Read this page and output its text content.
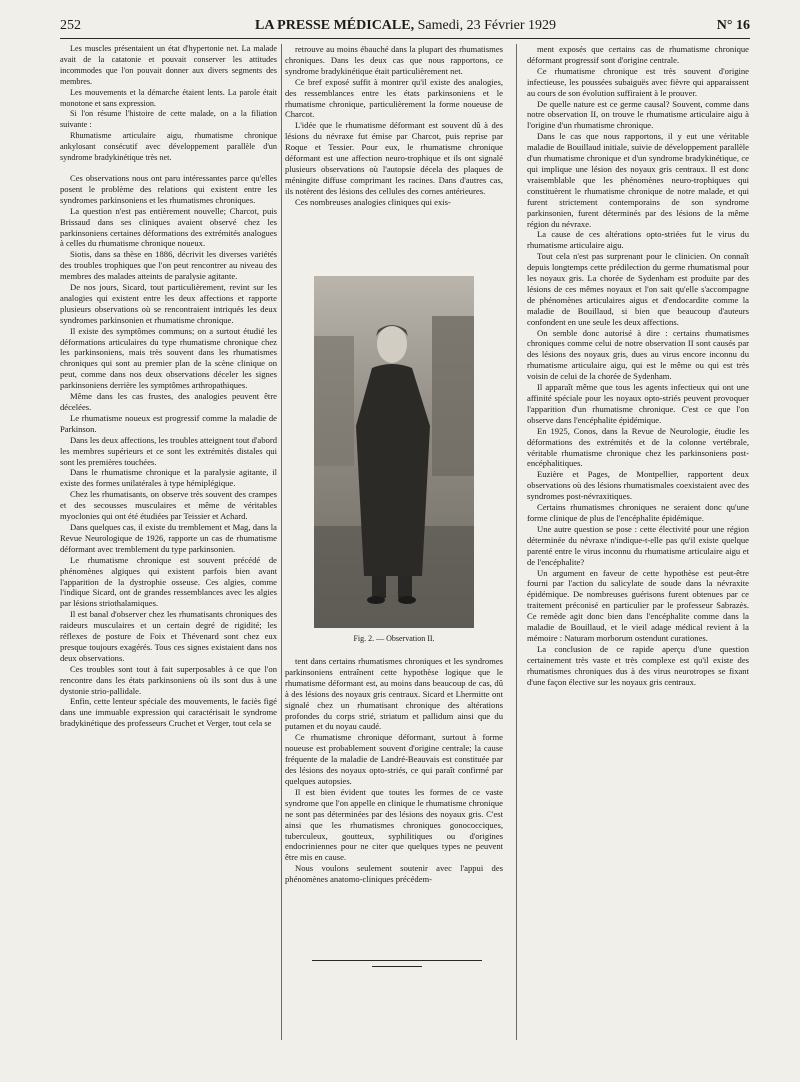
252	LA PRESSE MÉDICALE, Samedi, 23 Février 1929	N° 16

Les muscles présentaient un état d'hypertonie net. La malade avait de la catatonie et pouvait conserver les attitudes incommodes que l'on pouvait donner aux divers segments des membres.

Les mouvements et la démarche étaient lents. La parole était monotone et sans expression.

Si l'on résume l'histoire de cette malade, on a la filiation suivante :

Rhumatisme articulaire aigu, rhumatisme chronique ankylosant consécutif avec développement parallèle d'un syndrome bradykinétique très net.

Ces observations nous ont paru intéressantes parce qu'elles posent le problème des relations qui existent entre les syndromes parkinsoniens et les rhumatismes chroniques.

La question n'est pas entièrement nouvelle; Charcot, puis Brissaud dans ses cliniques avaient observé chez les parkinsoniens certaines déformations des extrémités analogues à celles du rhumatisme chronique noueux.

Siotis, dans sa thèse en 1886, décrivit les diverses variétés des troubles trophiques que l'on peut rencontrer au niveau des membres des malades atteints de paralysie agitante.

De nos jours, Sicard, tout particulièrement, revint sur les analogies qui existent entre les deux affections et rapporte plusieurs observations où se rencontraient intriqués les deux syndromes parkinsonien et rhumatisme chronique.

Il existe des symptômes communs; on a surtout étudié les déformations articulaires du type rhumatisme chronique chez les parkinsoniens, mais très souvent dans les rhumatismes chroniques qui sont au premier plan de la scène clinique on peut, comme dans nos deux observations déceler les signes parkinsoniens derrière les symptômes arthropathiques.

Même dans les cas frustes, des analogies peuvent être décelées.

Le rhumatisme noueux est progressif comme la maladie de Parkinson.

Dans les deux affections, les troubles atteignent tout d'abord les membres supérieurs et ce sont les extrémités distales qui sont les premières touchées.

Dans le rhumatisme chronique et la paralysie agitante, il existe des formes unilatérales à type hémiplégique.

Chez les rhumatisants, on observe très souvent des crampes et des secousses musculaires et même de véritables myoclonies qui ont été étudiées par Teissier et Achard.

Dans quelques cas, il existe du tremblement et Mag, dans la Revue Neurologique de 1926, rapporte un cas de rhumatisme déformant avec tremblement du type parkinsonien.

Le rhumatisme chronique est souvent précédé de phénomènes algiques qui existent parfois bien avant l'apparition de la dystrophie osseuse. Ces algies, comme l'indique Sicard, ont de grandes ressemblances avec les algies par lésions striothalamiques.

Il est banal d'observer chez les rhumatisants chroniques des raideurs musculaires et un certain degré de rigidité; les réflexes de posture de Foix et Thévenard sont chez eux presque toujours exagérés. Tous ces signes existaient dans nos deux observations.

Ces troubles sont tout à fait superposables à ce que l'on rencontre dans les états parkinsoniens où ils sont dus à une dystonie strio-pallidale.

Enfin, cette lenteur spéciale des mouvements, le faciès figé dans une immuable expression qui caractérisait le syndrome bradykinétique des professeurs Cruchet et Verger, tout cela se

retrouve au moins ébauché dans la plupart des rhumatismes chroniques. Dans les deux cas que nous rapportons, ce syndrome bradykinétique était particulièrement net.

Ce bref exposé suffit à montrer qu'il existe des analogies, des ressemblances entre les états parkinsoniens et le rhumatisme chronique, particulièrement la forme noueuse de Charcot.

L'idée que le rhumatisme déformant est souvent dû à des lésions du névraxe fut émise par Charcot, puis reprise par Roque et Tessier. Pour eux, le rhumatisme chronique déformant est une affection neuro-trophique et ils ont signalé plusieurs observations où l'autopsie décela des plaques de méningite diffuse comprimant les racines. Dans d'autres cas, ils notèrent des lésions des cellules des cornes antérieures.

Ces nombreuses analogies cliniques qui exis-

Fig. 2. — Observation II.

tent dans certains rhumatismes chroniques et les syndromes parkinsoniens entraînent cette hypothèse logique que le rhumatisme déformant est, au moins dans beaucoup de cas, dû à des lésions des noyaux gris centraux. Sicard et Lhermitte ont signalé chez un rhumatisant chronique des altérations profondes du corps strié, striatum et pallidum ainsi que du putamen et du noyau caudé.

Ce rhumatisme chronique déformant, surtout à forme noueuse est probablement souvent d'origine centrale; la cause fréquente de la maladie de Landré-Beauvais est constituée par des lésions des noyaux opto-striés, ce qui paraît confirmé par quelques autopsies.

Il est bien évident que toutes les formes de ce vaste syndrome que l'on appelle en clinique le rhumatisme chronique ne sont pas déterminées par des lésions des noyaux gris. C'est ainsi que les rhumatismes chroniques gonococciques, tuberculeux, goutteux, syphilitiques ou d'origines endocriniennes pour ne citer que quelques types ne peuvent être mis en cause.

Nous voulons seulement soutenir avec l'appui des phénomènes anatomo-cliniques précédem-

ment exposés que certains cas de rhumatisme chronique déformant progressif sont d'origine centrale.

Ce rhumatisme chronique est très souvent d'origine infectieuse, les poussées subaiguës avec fièvre qui apparaissent au cours de son évolution suffiraient à le prouver.

De quelle nature est ce germe causal? Souvent, comme dans notre observation II, on trouve le rhumatisme articulaire aigu à l'origine d'un rhumatisme chronique.

Dans le cas que nous rapportons, il y eut une véritable maladie de Bouillaud initiale, suivie de développement parallèle d'un rhumatisme chronique et d'un syndrome bradykinétique, ce qui implique une lésion des noyaux gris centraux. Il est donc vraisemblable que les phénomènes neuro-trophiques qui constituèrent le rhumatisme chronique de notre malade, et qui furent strictement contemporains de son syndrome parkinsonien, furent déterminés par des lésions de la même région du névraxe.

La cause de ces altérations opto-striées fut le virus du rhumatisme articulaire aigu.

Tout cela n'est pas surprenant pour le clinicien. On connaît depuis longtemps cette prédilection du germe rhumatismal pour les noyaux gris. La chorée de Sydenham est produite par des lésions de ces mêmes noyaux et l'on sait qu'elle s'accompagne de phénomènes articulaires aigus et d'endocardite comme la maladie de Bouillaud, si bien que beaucoup d'auteurs confondent en une seule les deux affections.

On semble donc autorisé à dire : certains rhumatismes chroniques comme celui de notre observation II sont causés par des lésions des noyaux gris, dues au virus encore inconnu du rhumatisme articulaire aigu, qui est le même ou qui est très voisin de celui de la chorée de Sydenham.

Il apparaît même que tous les agents infectieux qui ont une affinité spéciale pour les noyaux opto-striés peuvent provoquer l'apparition d'un rhumatisme chronique. C'est ce que l'on observe dans l'encéphalite épidémique.

En 1925, Conos, dans la Revue de Neurologie, étudie les déformations des extrémités et de la colonne vertébrale, véritable rhumatisme chronique chez les parkinsoniens post-encéphalitiques.

Euzière et Pages, de Montpellier, rapportent deux observations où des lésions rhumatismales coexistaient avec des syndromes post-névraxitiques.

Certains rhumatismes chroniques ne seraient donc qu'une forme clinique de plus de l'encéphalite épidémique.

Une autre question se pose : cette électivité pour une région déterminée du névraxe n'indique-t-elle pas qu'il existe quelque parenté entre le virus inconnu du rhumatisme articulaire aigu et de l'encéphalite?

Un argument en faveur de cette hypothèse est peut-être fourni par l'action du salicylate de soude dans la névraxite épidémique. De nombreuses guérisons furent obtenues par ce traitement préconisé en particulier par le professeur Sabrazès. Ce remède agit donc bien dans l'encéphalite comme dans la maladie de Bouillaud, et le vieil adage médical revient à la mémoire : Naturam morborum ostendunt curationes.

La conclusion de ce rapide aperçu d'une question certainement très vaste et très complexe est qu'il existe des rhumatismes chroniques dus à des virus neurotropes se fixant d'une façon élective sur les noyaux gris centraux.
